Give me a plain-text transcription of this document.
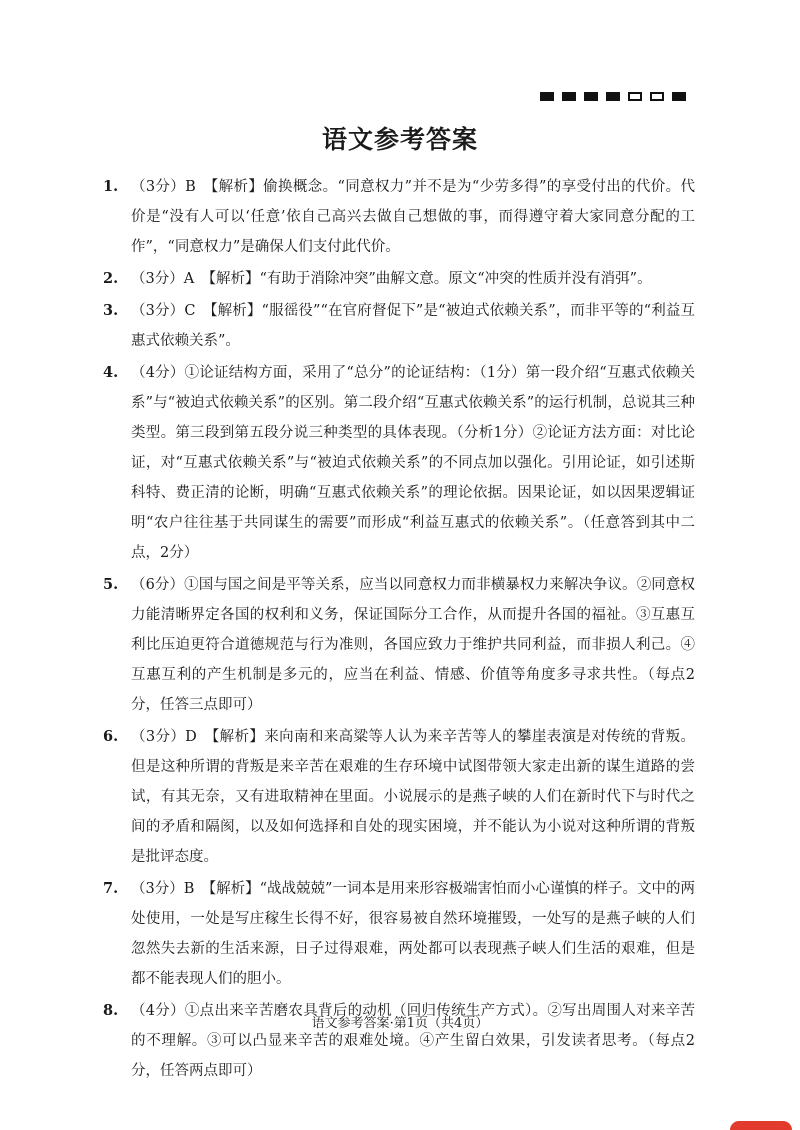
语文参考答案
1. （3分）B　【解析】偷换概念。“同意权力”并不是为“少劳多得”的享受付出的代价。代价是“没有人可以‘任意’依自己高兴去做自己想做的事，而得遵守着大家同意分配的工作”，“同意权力”是确保人们支付此代价。
2. （3分）A　【解析】“有助于消除冲突”曲解文意。原文“冲突的性质并没有消弭”。
3. （3分）C　【解析】“服徭役”“在官府督促下”是“被迫式依赖关系”，而非平等的“利益互惠式依赖关系”。
4. （4分）①论证结构方面，采用了“总分”的论证结构：（1分）第一段介绍“互惠式依赖关系”与“被迫式依赖关系”的区别。第二段介绍“互惠式依赖关系”的运行机制，总说其三种类型。第三段到第五段分说三种类型的具体表现。（分析1分）②论证方法方面：对比论证，对“互惠式依赖关系”与“被迫式依赖关系”的不同点加以强化。引用论证，如引述斯科特、费正清的论断，明确“互惠式依赖关系”的理论依据。因果论证，如以因果逻辑证明“农户往往基于共同谋生的需要”而形成“利益互惠式的依赖关系”。（任意答到其中二点，2分）
5. （6分）①国与国之间是平等关系，应当以同意权力而非横暴权力来解决争议。②同意权力能清晰界定各国的权利和义务，保证国际分工合作，从而提升各国的福祉。③互惠互利比压迫更符合道德规范与行为准则，各国应致力于维护共同利益，而非损人利己。④互惠互利的产生机制是多元的，应当在利益、情感、价值等角度多寻求共性。（每点2分，任答三点即可）
6. （3分）D　【解析】来向南和来高粱等人认为来辛苦等人的攀崖表演是对传统的背叛。但是这种所谓的背叛是来辛苦在艰难的生存环境中试图带领大家走出新的谋生道路的尝试，有其无奈，又有进取精神在里面。小说展示的是燕子峡的人们在新时代下与时代之间的矛盾和隔阂，以及如何选择和自处的现实困境，并不能认为小说对这种所谓的背叛是批评态度。
7. （3分）B　【解析】“战战兢兢”一词本是用来形容极端害怕而小心谨慎的样子。文中的两处使用，一处是写庄稼生长得不好，很容易被自然环境摧毁，一处写的是燕子峡的人们忽然失去新的生活来源，日子过得艰难，两处都可以表现燕子峡人们生活的艰难，但是都不能表现人们的胆小。
8. （4分）①点出来辛苦磨农具背后的动机（回归传统生产方式）。②写出周围人对来辛苦的不理解。③可以凸显来辛苦的艰难处境。④产生留白效果，引发读者思考。（每点2分，任答两点即可）
语文参考答案·第1页（共4页）
